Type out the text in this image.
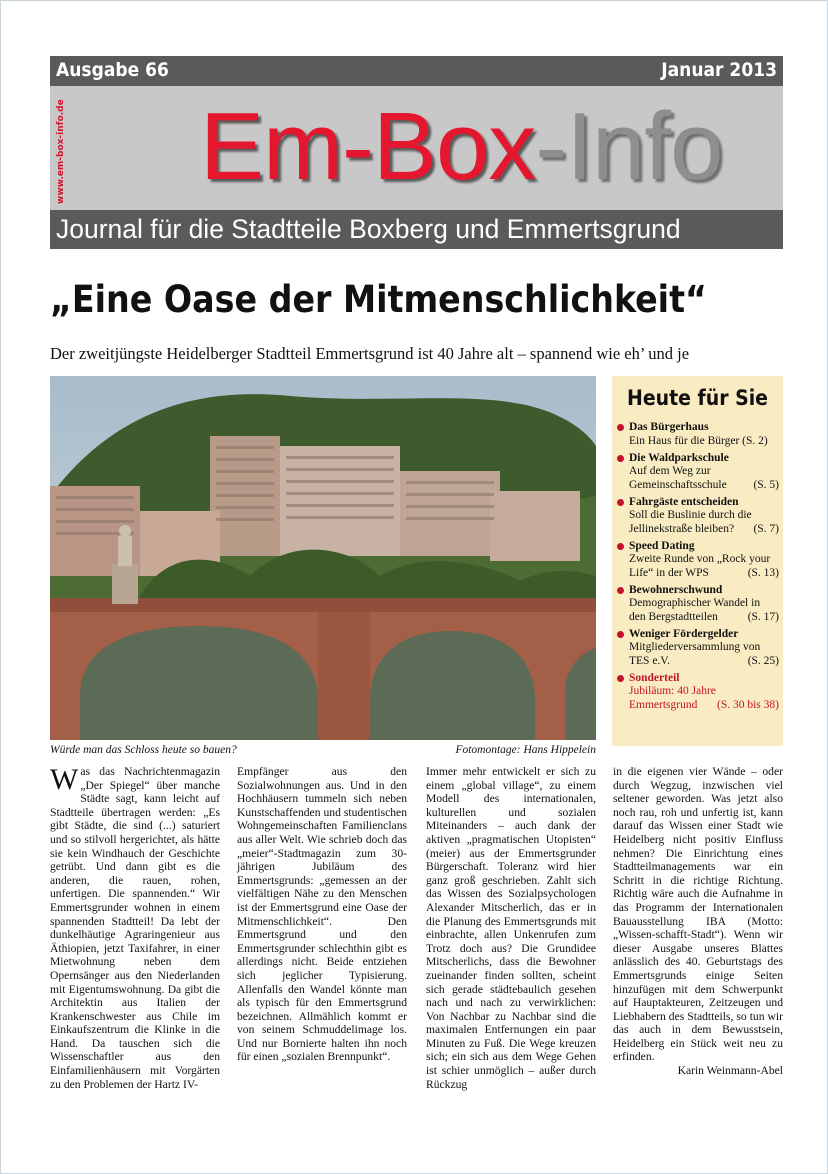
Ausgabe 66	Januar 2013
www.em-box-info.de Em-Box-Info
Journal für die Stadtteile Boxberg und Emmertsgrund
„Eine Oase der Mitmenschlichkeit“
Der zweitjüngste Heidelberger Stadtteil Emmertsgrund ist 40 Jahre alt – spannend wie eh’ und je
Würde man das Schloss heute so bauen?	Fotomontage: Hans Hippelein
Heute für Sie
Das Bürgerhaus
Ein Haus für die Bürger (S. 2)
Die Waldparkschule
Auf dem Weg zur Gemeinschaftsschule (S. 5)
Fahrgäste entscheiden
Soll die Buslinie durch die Jellinekstraße bleiben? (S. 7)
Speed Dating
Zweite Runde von „Rock your Life“ in der WPS	(S. 13)
Bewohnerschwund
Demographischer Wandel in den Bergstadtteilen	(S. 17)
Weniger Fördergelder
Mitgliederversammlung von TES e.V.	(S. 25)
Sonderteil
Jubiläum: 40 Jahre Emmertsgrund (S. 30 bis 38)

Was das Nachrichtenmagazin „Der Spiegel“ über manche Städte sagt, kann leicht auf Stadtteile übertragen werden: „Es gibt Städte, die sind (...) saturiert und so stilvoll hergerichtet, als hätte sie kein Windhauch der Geschichte getrübt. Und dann gibt es die anderen, die rauen, rohen, unfertigen. Die spannenden.“ Wir Emmertsgrunder wohnen in einem spannenden Stadtteil! Da lebt der dunkelhäutige Agraringenieur aus Äthiopien, jetzt Taxifahrer, in einer Mietwohnung neben dem Opernsänger aus den Niederlanden mit Eigentumswohnung. Da gibt die Architektin aus Italien der Krankenschwester aus Chile im Einkaufszentrum die Klinke in die Hand. Da tauschen sich die Wissenschaftler aus den Einfamilienhäusern mit Vorgärten zu den Problemen der Hartz IV-

Empfänger aus den Sozialwohnungen aus. Und in den Hochhäusern tummeln sich neben Kunstschaffenden und studentischen Wohngemeinschaften Familienclans aus aller Welt. Wie schrieb doch das „meier“-Stadtmagazin zum 30-jährigen Jubiläum des Emmertsgrunds: „gemessen an der vielfältigen Nähe zu den Menschen ist der Emmertsgrund eine Oase der Mitmenschlichkeit“. Den Emmertsgrund und den Emmertsgrunder schlechthin gibt es allerdings nicht. Beide entziehen sich jeglicher Typisierung. Allenfalls den Wandel könnte man als typisch für den Emmertsgrund bezeichnen. Allmählich kommt er von seinem Schmuddelimage los. Und nur Bornierte halten ihn noch für einen „sozialen Brennpunkt“.

Immer mehr entwickelt er sich zu einem „global village“, zu einem Modell des internationalen, kulturellen und sozialen Miteinanders – auch dank der aktiven „pragmatischen Utopisten“ (meier) aus der Emmertsgrunder Bürgerschaft. Toleranz wird hier ganz groß geschrieben. Zahlt sich das Wissen des Sozialpsychologen Alexander Mitscherlich, das er in die Planung des Emmertsgrunds mit einbrachte, allen Unkenrufen zum Trotz doch aus? Die Grundidee Mitscherlichs, dass die Bewohner zueinander finden sollten, scheint sich gerade städtebaulich gesehen nach und nach zu verwirklichen: Von Nachbar zu Nachbar sind die maximalen Entfernungen ein paar Minuten zu Fuß. Die Wege kreuzen sich; ein sich aus dem Wege Gehen ist schier unmöglich – außer durch Rückzug

in die eigenen vier Wände – oder durch Wegzug, inzwischen viel seltener geworden. Was jetzt also noch rau, roh und unfertig ist, kann darauf das Wissen einer Stadt wie Heidelberg nicht positiv Einfluss nehmen? Die Einrichtung eines Stadtteilmanagements war ein Schritt in die richtige Richtung. Richtig wäre auch die Aufnahme in das Programm der Internationalen Bauausstellung IBA (Motto: „Wissen-schafft-Stadt“). Wenn wir dieser Ausgabe unseres Blattes anlässlich des 40. Geburtstags des Emmertsgrunds einige Seiten hinzufügen mit dem Schwerpunkt auf Hauptakteuren, Zeitzeugen und Liebhabern des Stadtteils, so tun wir das auch in dem Bewusstsein, Heidelberg ein Stück weit neu zu erfinden.

Karin Weinmann-Abel
